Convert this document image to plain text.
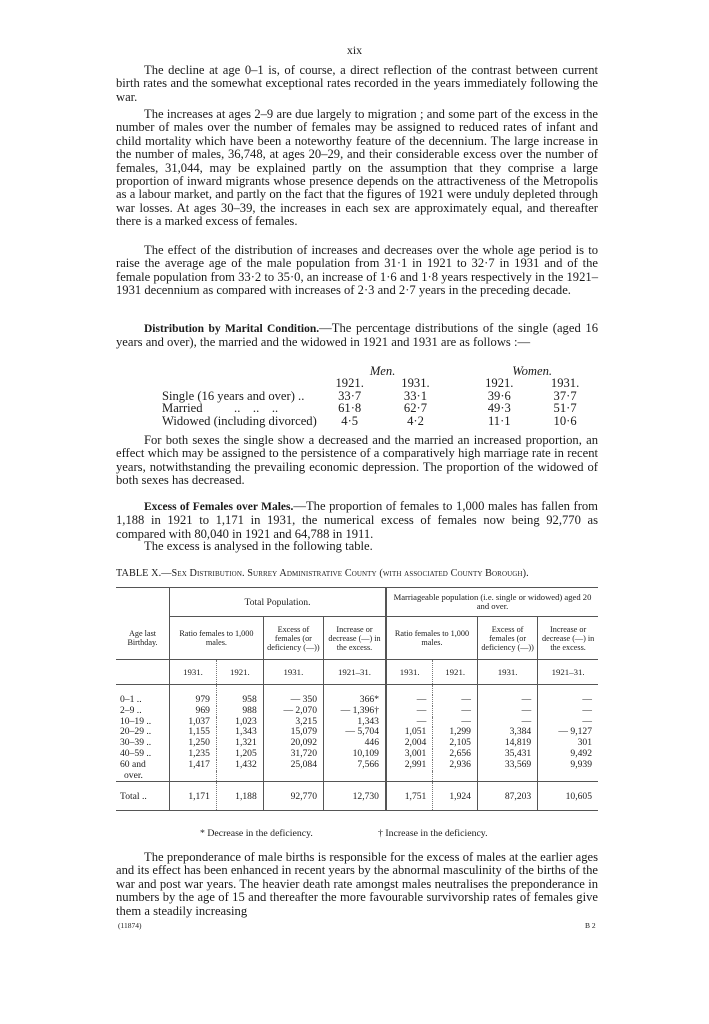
xix

The decline at age 0–1 is, of course, a direct reflection of the contrast between current birth rates and the somewhat exceptional rates recorded in the years immediately following the war.

The increases at ages 2–9 are due largely to migration ; and some part of the excess in the number of males over the number of females may be assigned to reduced rates of infant and child mortality which have been a noteworthy feature of the decennium. The large increase in the number of males, 36,748, at ages 20–29, and their considerable excess over the number of females, 31,044, may be explained partly on the assumption that they comprise a large proportion of inward migrants whose presence depends on the attractiveness of the Metropolis as a labour market, and partly on the fact that the figures of 1921 were unduly depleted through war losses. At ages 30–39, the increases in each sex are approximately equal, and thereafter there is a marked excess of females.

The effect of the distribution of increases and decreases over the whole age period is to raise the average age of the male population from 31·1 in 1921 to 32·7 in 1931 and of the female population from 33·2 to 35·0, an increase of 1·6 and 1·8 years respectively in the 1921–1931 decennium as compared with increases of 2·3 and 2·7 years in the preceding decade.

Distribution by Marital Condition.—The percentage distributions of the single (aged 16 years and over), the married and the widowed in 1921 and 1931 are as follows :—

	Men.			Women.	
	1921.	1931.		1921.	1931.
Single (16 years and over) ..	33·7	33·1		39·6	37·7
Married          ..    ..    ..	61·8	62·7		49·3	51·7
Widowed (including divorced)	4·5	4·2		11·1	10·6

For both sexes the single show a decreased and the married an increased proportion, an effect which may be assigned to the persistence of a comparatively high marriage rate in recent years, notwithstanding the prevailing economic depression. The proportion of the widowed of both sexes has decreased.

Excess of Females over Males.—The proportion of females to 1,000 males has fallen from 1,188 in 1921 to 1,171 in 1931, the numerical excess of females now being 92,770 as compared with 80,040 in 1921 and 64,788 in 1911.

The excess is analysed in the following table.

TABLE X.—Sex Distribution. Surrey Administrative County (with associated County Borough).
	Total Population.				Marriageable population (i.e. single or widowed) aged 20 and over.			
Age last Birthday.	Ratio females to 1,000 males.		Excess of females (or deficiency (—))	Increase or decrease (—) in the excess.	Ratio females to 1,000 males.		Excess of females (or deficiency (—))	Increase or decrease (—) in the excess.
	1931.	1921.	1931.	1921–31.	1931.	1921.	1931.	1921–31.

0–1 ..	979	958	— 350	366*	—	—	—	—
2–9 ..	969	988	— 2,070	— 1,396†	—	—	—	—
10–19 ..	1,037	1,023	3,215	1,343	—	—	—	—
20–29 ..	1,155	1,343	15,079	— 5,704	1,051	1,299	3,384	— 9,127
30–39 ..	1,250	1,321	20,092	446	2,004	2,105	14,819	301
40–59 ..	1,235	1,205	31,720	10,109	3,001	2,656	35,431	9,492
60 and	1,417	1,432	25,084	7,566	2,991	2,936	33,569	9,939
over.								
Total ..	1,171	1,188	92,770	12,730	1,751	1,924	87,203	10,605
* Decrease in the deficiency.	† Increase in the deficiency.

The preponderance of male births is responsible for the excess of males at the earlier ages and its effect has been enhanced in recent years by the abnormal masculinity of the births of the war and post war years. The heavier death rate amongst males neutralises the preponderance in numbers by the age of 15 and thereafter the more favourable survivorship rates of females give them a steadily increasing

(11874)	B 2
